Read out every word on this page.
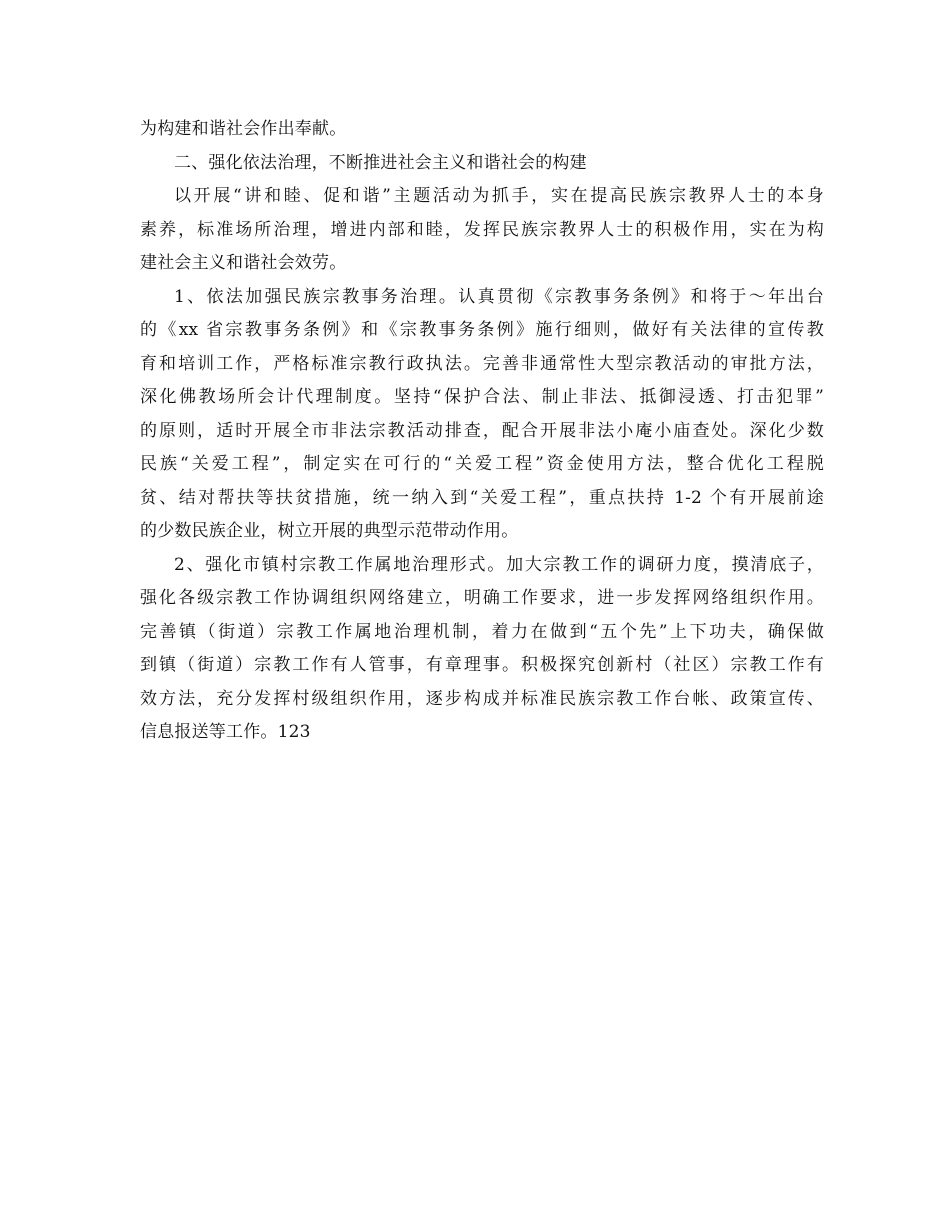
为构建和谐社会作出奉献。
二、强化依法治理，不断推进社会主义和谐社会的构建
以开展“讲和睦、促和谐”主题活动为抓手，实在提高民族宗教界人士的本身
素养，标准场所治理，增进内部和睦，发挥民族宗教界人士的积极作用，实在为构
建社会主义和谐社会效劳。
1、依法加强民族宗教事务治理。认真贯彻《宗教事务条例》和将于～年出台
的《xx 省宗教事务条例》和《宗教事务条例》施行细则，做好有关法律的宣传教
育和培训工作，严格标准宗教行政执法。完善非通常性大型宗教活动的审批方法，
深化佛教场所会计代理制度。坚持“保护合法、制止非法、抵御浸透、打击犯罪”
的原则，适时开展全市非法宗教活动排查，配合开展非法小庵小庙查处。深化少数
民族“关爱工程”，制定实在可行的“关爱工程”资金使用方法，整合优化工程脱
贫、结对帮扶等扶贫措施，统一纳入到“关爱工程”，重点扶持 1-2 个有开展前途
的少数民族企业，树立开展的典型示范带动作用。
2、强化市镇村宗教工作属地治理形式。加大宗教工作的调研力度，摸清底子，
强化各级宗教工作协调组织网络建立，明确工作要求，进一步发挥网络组织作用。
完善镇（街道）宗教工作属地治理机制，着力在做到“五个先”上下功夫，确保做
到镇（街道）宗教工作有人管事，有章理事。积极探究创新村（社区）宗教工作有
效方法，充分发挥村级组织作用，逐步构成并标准民族宗教工作台帐、政策宣传、
信息报送等工作。123
